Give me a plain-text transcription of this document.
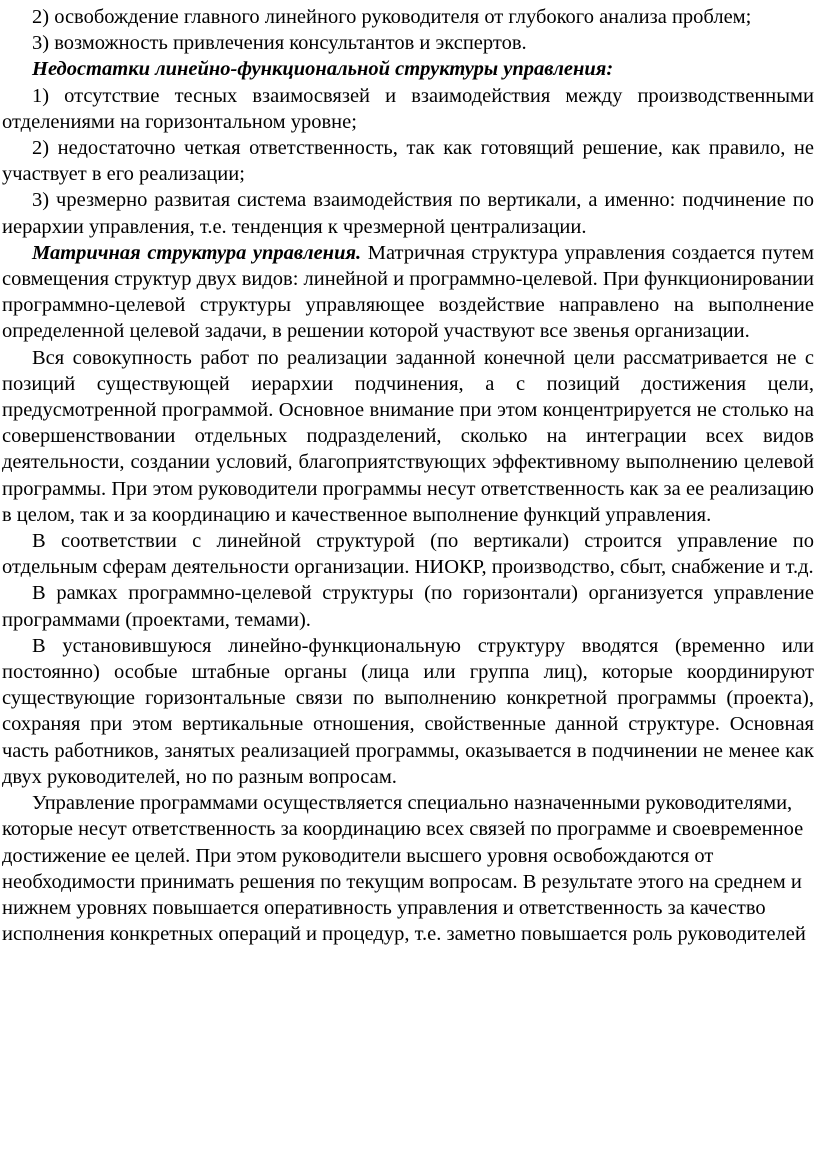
2) освобождение главного линейного руководителя от глубокого анализа проблем;

3) возможность привлечения консультантов и экспертов.

Недостатки линейно-функциональной структуры управления:

1) отсутствие тесных взаимосвязей и взаимодействия между производственными отделениями на горизонтальном уровне;

2) недостаточно четкая ответственность, так как готовящий решение, как правило, не участвует в его реализации;

3) чрезмерно развитая система взаимодействия по вертикали, а именно: подчинение по иерархии управления, т.е. тенденция к чрезмерной централизации.

Матричная структура управления. Матричная структура управления создается путем совмещения структур двух видов: линейной и программно-целевой. При функционировании программно-целевой структуры управляющее воздействие направлено на выполнение определенной целевой задачи, в решении которой участвуют все звенья организации.

Вся совокупность работ по реализации заданной конечной цели рассматривается не с позиций существующей иерархии подчинения, а с позиций достижения цели, предусмотренной программой. Основное внимание при этом концентрируется не столько на совершенствовании отдельных подразделений, сколько на интеграции всех видов деятельности, создании условий, благоприятствующих эффективному выполнению целевой программы. При этом руководители программы несут ответственность как за ее реализацию в целом, так и за координацию и качественное выполнение функций управления.

В соответствии с линейной структурой (по вертикали) строится управление по отдельным сферам деятельности организации. НИОКР, производство, сбыт, снабжение и т.д.

В рамках программно-целевой структуры (по горизонтали) организуется управление программами (проектами, темами).

В установившуюся линейно-функциональную структуру вводятся (временно или постоянно) особые штабные органы (лица или группа лиц), которые координируют существующие горизонтальные связи по выполнению конкретной программы (проекта), сохраняя при этом вертикальные отношения, свойственные данной структуре. Основная часть работников, занятых реализацией программы, оказывается в подчинении не менее как двух руководителей, но по разным вопросам.

Управление программами осуществляется специально назначенными руководителями, которые несут ответственность за координацию всех связей по программе и своевременное достижение ее целей. При этом руководители высшего уровня освобождаются от необходимости принимать решения по текущим вопросам. В результате этого на среднем и нижнем уровнях повышается оперативность управления и ответственность за качество исполнения конкретных операций и процедур, т.е. заметно повышается роль руководителей
